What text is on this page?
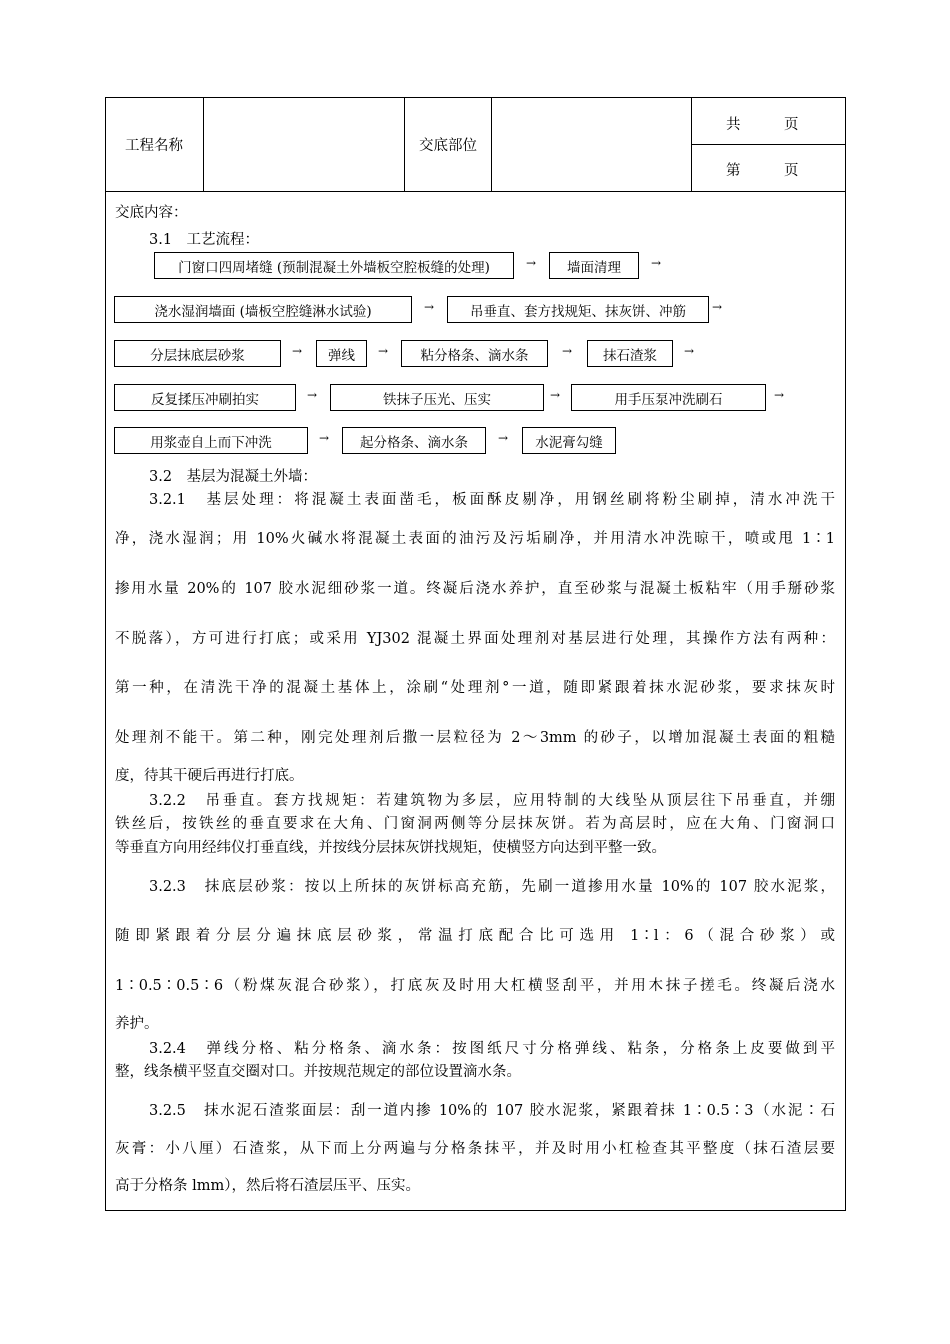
工程名称	交底部位
共　　　页
第　　　页
交底内容：
3.1　工艺流程：
门窗口四周堵缝 (预制混凝土外墙板空腔板缝的处理)	→	墙面清理	→
浇水湿润墙面 (墙板空腔缝淋水试验)	→	吊垂直、套方找规矩、抹灰饼、冲筋	→
分层抹底层砂浆	→	弹线	→	粘分格条、滴水条	→	抹石渣浆	→
反复揉压冲刷拍实	→	铁抹子压光、压实	→	用手压泵冲洗刷石	→
用浆壶自上而下冲洗	→	起分格条、滴水条	→	水泥膏勾缝
3.2　基层为混凝土外墙：
3.2.1　基层处理：将混凝土表面凿毛，板面酥皮剔净，用钢丝刷将粉尘刷掉，清水冲洗干
净，浇水湿润；用 10%火碱水将混凝土表面的油污及污垢刷净，并用清水冲洗晾干，喷或甩 1∶1
掺用水量 20%的 107 胶水泥细砂浆一道。终凝后浇水养护，直至砂浆与混凝土板粘牢（用手掰砂浆
不脱落），方可进行打底；或采用 YJ302 混凝土界面处理剂对基层进行处理，其操作方法有两种：
第一种，在清洗干净的混凝土基体上，涂刷“处理剂°一道，随即紧跟着抹水泥砂浆，要求抹灰时
处理剂不能干。第二种，刚完处理剂后撒一层粒径为 2～3mm 的砂子，以增加混凝土表面的粗糙
度，待其干硬后再进行打底。
3.2.2　吊垂直。套方找规矩：若建筑物为多层，应用特制的大线坠从顶层往下吊垂直，并绷
铁丝后，按铁丝的垂直要求在大角、门窗洞两侧等分层抹灰饼。若为高层时，应在大角、门窗洞口
等垂直方向用经纬仪打垂直线，并按线分层抹灰饼找规矩，使横竖方向达到平整一致。
3.2.3　抹底层砂浆：按以上所抹的灰饼标高充筋，先刷一道掺用水量 10%的 107 胶水泥浆，
随即紧跟着分层分遍抹底层砂浆，常温打底配合比可选用 1∶l：6（混合砂浆）或
1∶0.5∶0.5∶6（粉煤灰混合砂浆），打底灰及时用大杠横竖刮平，并用木抹子搓毛。终凝后浇水
养护。
3.2.4　弹线分格、粘分格条、滴水条：按图纸尺寸分格弹线、粘条，分格条上皮要做到平
整，线条横平竖直交圈对口。并按规范规定的部位设置滴水条。
3.2.5　抹水泥石渣浆面层：刮一道内掺 10%的 107 胶水泥浆，紧跟着抹 1∶0.5∶3（水泥∶石
灰膏：小八厘）石渣浆，从下而上分两遍与分格条抹平，并及时用小杠检查其平整度（抹石渣层要
高于分格条 lmm），然后将石渣层压平、压实。
